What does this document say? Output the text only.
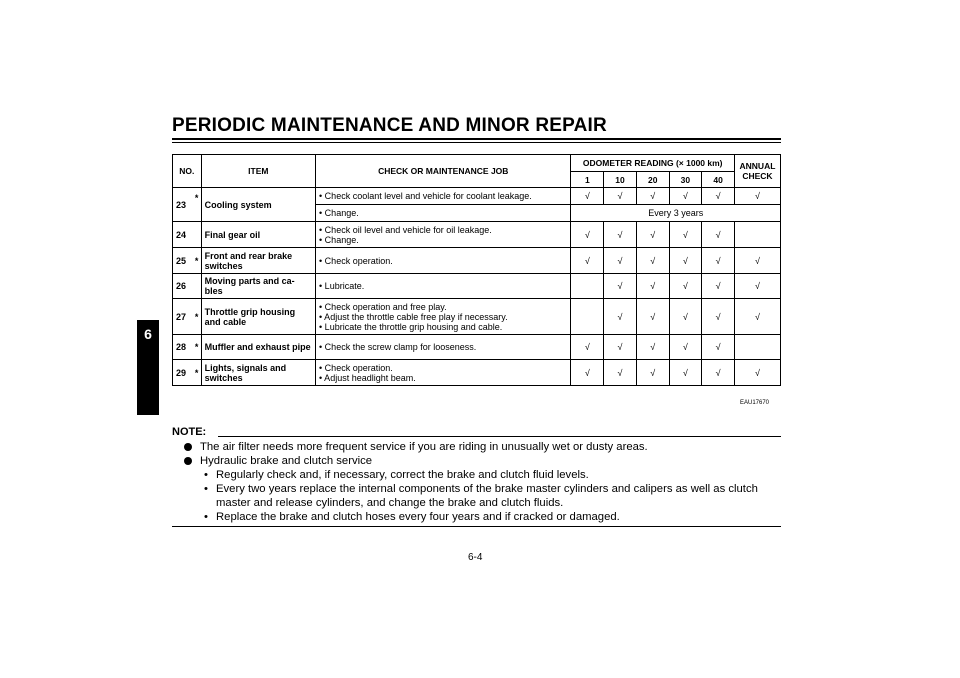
PERIODIC MAINTENANCE AND MINOR REPAIR
6
NO.		ITEM	CHECK OR MAINTENANCE JOB	ODOMETER READING (× 1000 km)					ANNUAL CHECK
				1	10	20	30	40	
23	*	Cooling system	• Check coolant level and vehicle for coolant leakage.	√	√	√	√	√	√
			• Change.	Every 3 years					
24		Final gear oil	• Check oil level and vehicle for oil leakage.
• Change.	√	√	√	√	√	
25	*	Front and rear brake switches	• Check operation.	√	√	√	√	√	√
26		Moving parts and ca-bles	• Lubricate.		√	√	√	√	√
27	*	Throttle grip housing and cable	• Check operation and free play.
• Adjust the throttle cable free play if necessary.
• Lubricate the throttle grip housing and cable.		√	√	√	√	√
28	*	Muffler and exhaust pipe	• Check the screw clamp for looseness.	√	√	√	√	√	
29	*	Lights, signals and switches	• Check operation.
• Adjust headlight beam.	√	√	√	√	√	√
EAU17670
NOTE:
The air filter needs more frequent service if you are riding in unusually wet or dusty areas.
Hydraulic brake and clutch service
• Regularly check and, if necessary, correct the brake and clutch fluid levels.
• Every two years replace the internal components of the brake master cylinders and calipers as well as clutch master and release cylinders, and change the brake and clutch fluids.
• Replace the brake and clutch hoses every four years and if cracked or damaged.
6-4
